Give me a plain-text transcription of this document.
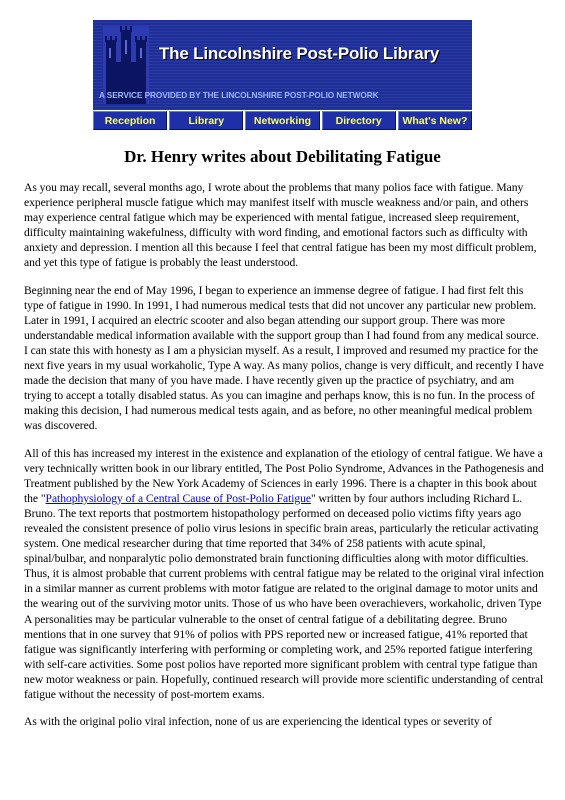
The Lincolnshire Post-Polio Library
A SERVICE PROVIDED BY THE LINCOLNSHIRE POST-POLIO NETWORK
Reception	Library	Networking	Directory	What's New?
Dr. Henry writes about Debilitating Fatigue

As you may recall, several months ago, I wrote about the problems that many polios face with fatigue. Many experience peripheral muscle fatigue which may manifest itself with muscle weakness and/or pain, and others may experience central fatigue which may be experienced with mental fatigue, increased sleep requirement, difficulty maintaining wakefulness, difficulty with word finding, and emotional factors such as difficulty with anxiety and depression. I mention all this because I feel that central fatigue has been my most difficult problem, and yet this type of fatigue is probably the least understood.

Beginning near the end of May 1996, I began to experience an immense degree of fatigue. I had first felt this type of fatigue in 1990. In 1991, I had numerous medical tests that did not uncover any particular new problem. Later in 1991, I acquired an electric scooter and also began attending our support group. There was more understandable medical information available with the support group than I had found from any medical source. I can state this with honesty as I am a physician myself. As a result, I improved and resumed my practice for the next five years in my usual workaholic, Type A way. As many polios, change is very difficult, and recently I have made the decision that many of you have made. I have recently given up the practice of psychiatry, and am trying to accept a totally disabled status. As you can imagine and perhaps know, this is no fun. In the process of making this decision, I had numerous medical tests again, and as before, no other meaningful medical problem was discovered.

All of this has increased my interest in the existence and explanation of the etiology of central fatigue. We have a very technically written book in our library entitled, The Post Polio Syndrome, Advances in the Pathogenesis and Treatment published by the New York Academy of Sciences in early 1996. There is a chapter in this book about the "Pathophysiology of a Central Cause of Post-Polio Fatigue" written by four authors including Richard L. Bruno. The text reports that postmortem histopathology performed on deceased polio victims fifty years ago revealed the consistent presence of polio virus lesions in specific brain areas, particularly the reticular activating system. One medical researcher during that time reported that 34% of 258 patients with acute spinal, spinal/bulbar, and nonparalytic polio demonstrated brain functioning difficulties along with motor difficulties. Thus, it is almost probable that current problems with central fatigue may be related to the original viral infection in a similar manner as current problems with motor fatigue are related to the original damage to motor units and the wearing out of the surviving motor units. Those of us who have been overachievers, workaholic, driven Type A personalities may be particular vulnerable to the onset of central fatigue of a debilitating degree. Bruno mentions that in one survey that 91% of polios with PPS reported new or increased fatigue, 41% reported that fatigue was significantly interfering with performing or completing work, and 25% reported fatigue interfering with self-care activities. Some post polios have reported more significant problem with central type fatigue than new motor weakness or pain. Hopefully, continued research will provide more scientific understanding of central fatigue without the necessity of post-mortem exams.

As with the original polio viral infection, none of us are experiencing the identical types or severity of
